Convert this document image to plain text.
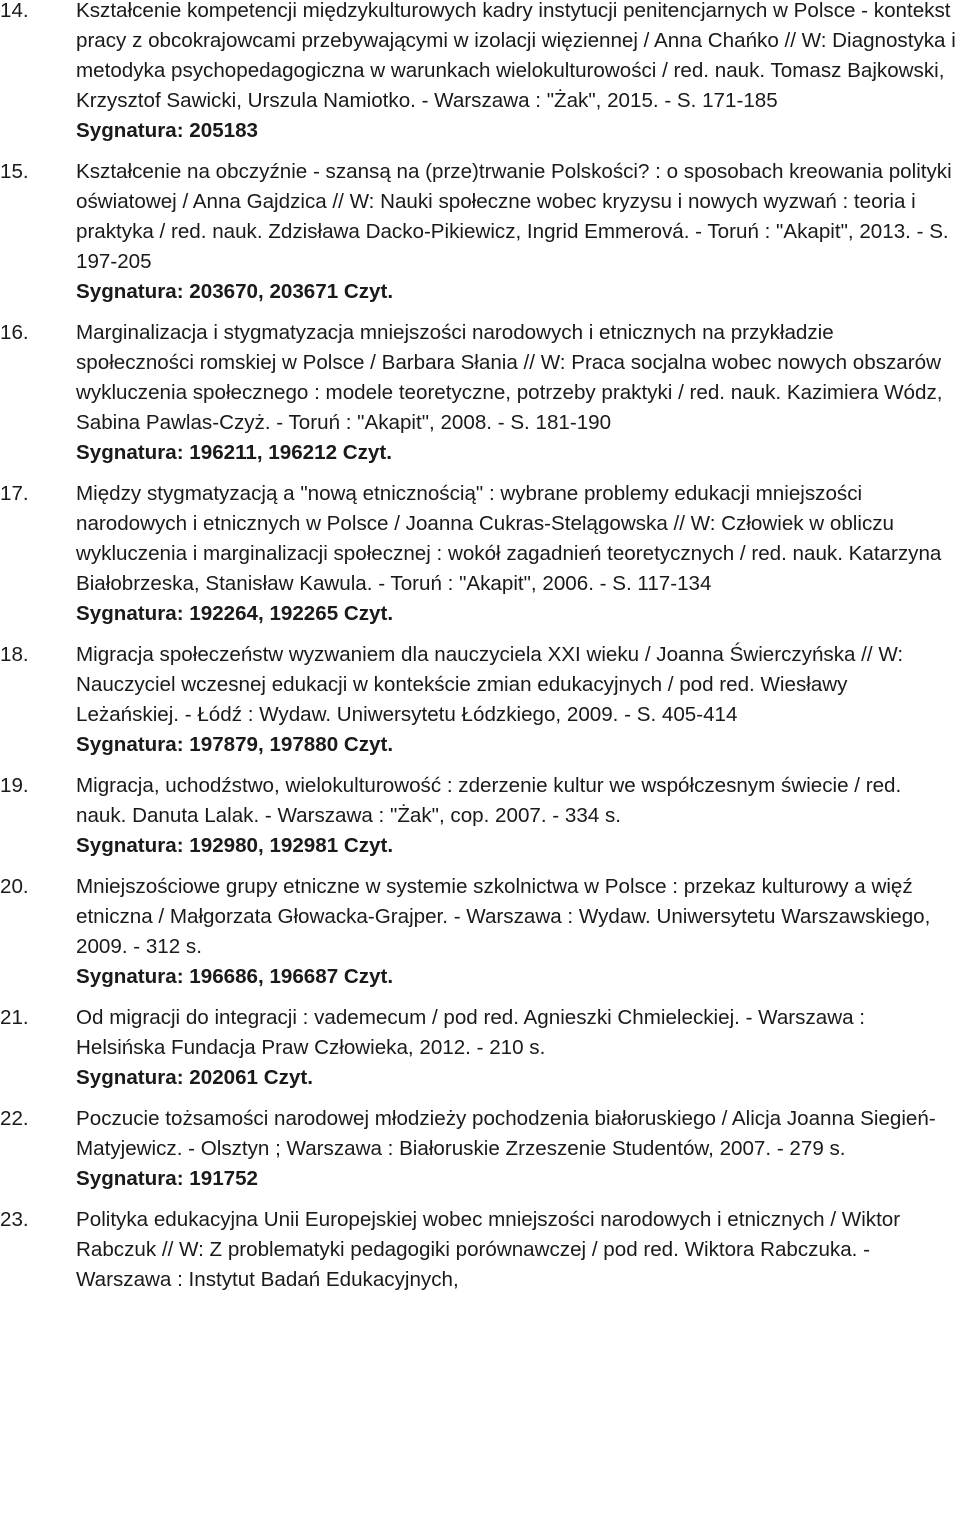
14.	Kształcenie kompetencji międzykulturowych kadry instytucji penitencjarnych w Polsce - kontekst pracy z obcokrajowcami przebywającymi w izolacji więziennej / Anna Chańko // W: Diagnostyka i metodyka psychopedagogiczna w warunkach wielokulturowości / red. nauk. Tomasz Bajkowski, Krzysztof Sawicki, Urszula Namiotko. - Warszawa : "Żak", 2015. - S. 171-185
Sygnatura: 205183
15.	Kształcenie na obczyźnie - szansą na (prze)trwanie Polskości? : o sposobach kreowania polityki oświatowej / Anna Gajdzica // W: Nauki społeczne wobec kryzysu i nowych wyzwań : teoria i praktyka / red. nauk. Zdzisława Dacko-Pikiewicz, Ingrid Emmerová. - Toruń : "Akapit", 2013. - S. 197-205
Sygnatura: 203670, 203671 Czyt.
16.	Marginalizacja i stygmatyzacja mniejszości narodowych i etnicznych na przykładzie społeczności romskiej w Polsce / Barbara Słania // W: Praca socjalna wobec nowych obszarów wykluczenia społecznego : modele teoretyczne, potrzeby praktyki / red. nauk. Kazimiera Wódz, Sabina Pawlas-Czyż. - Toruń : "Akapit", 2008. - S. 181-190
Sygnatura: 196211, 196212 Czyt.
17.	Między stygmatyzacją a "nową etnicznością" : wybrane problemy edukacji mniejszości narodowych i etnicznych w Polsce / Joanna Cukras-Stelągowska // W: Człowiek w obliczu wykluczenia i marginalizacji społecznej : wokół zagadnień teoretycznych / red. nauk. Katarzyna Białobrzeska, Stanisław Kawula. - Toruń : "Akapit", 2006. - S. 117-134
Sygnatura: 192264, 192265 Czyt.
18.	Migracja społeczeństw wyzwaniem dla nauczyciela XXI wieku / Joanna Świerczyńska // W: Nauczyciel wczesnej edukacji w kontekście zmian edukacyjnych / pod red. Wiesławy Leżańskiej. - Łódź : Wydaw. Uniwersytetu Łódzkiego, 2009. - S. 405-414
Sygnatura: 197879, 197880 Czyt.
19.	Migracja, uchodźstwo, wielokulturowość : zderzenie kultur we współczesnym świecie / red. nauk. Danuta Lalak. - Warszawa : "Żak", cop. 2007. - 334 s.
Sygnatura: 192980, 192981 Czyt.
20.	Mniejszościowe grupy etniczne w systemie szkolnictwa w Polsce : przekaz kulturowy a więź etniczna / Małgorzata Głowacka-Grajper. - Warszawa : Wydaw. Uniwersytetu Warszawskiego, 2009. - 312 s.
Sygnatura: 196686, 196687 Czyt.
21.	Od migracji do integracji : vademecum / pod red. Agnieszki Chmieleckiej. - Warszawa : Helsińska Fundacja Praw Człowieka, 2012. - 210 s.
Sygnatura: 202061 Czyt.
22.	Poczucie tożsamości narodowej młodzieży pochodzenia białoruskiego / Alicja Joanna Siegień-Matyjewicz. - Olsztyn ; Warszawa : Białoruskie Zrzeszenie Studentów, 2007. - 279 s.
Sygnatura: 191752
23.	Polityka edukacyjna Unii Europejskiej wobec mniejszości narodowych i etnicznych / Wiktor Rabczuk // W: Z problematyki pedagogiki porównawczej / pod red. Wiktora Rabczuka. - Warszawa : Instytut Badań Edukacyjnych,
